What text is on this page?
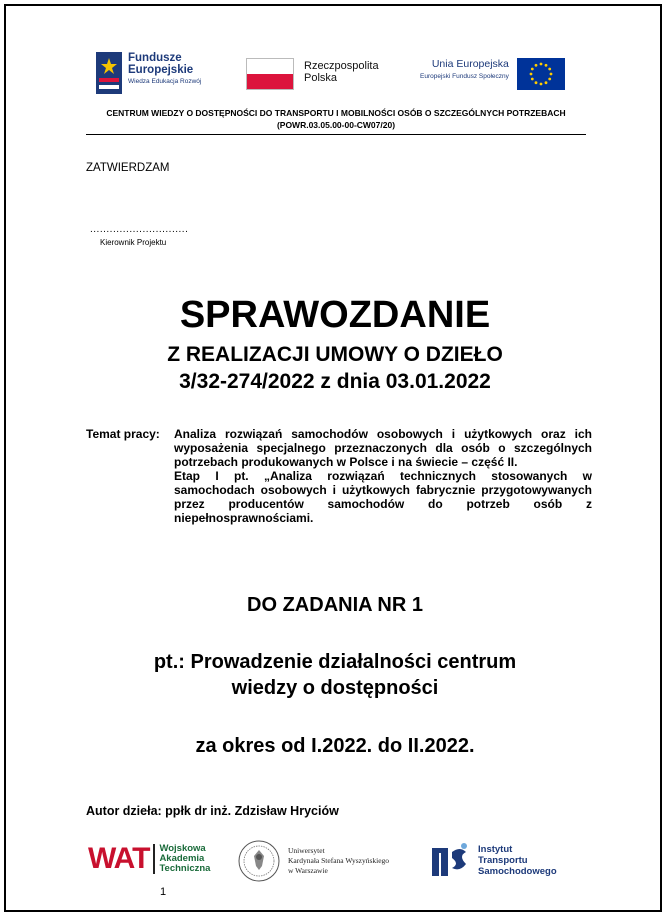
Fundusze
Europejskie
Wiedza Edukacja Rozwój
Rzeczpospolita
Polska
Unia Europejska
Europejski Fundusz Społeczny
CENTRUM WIEDZY O DOSTĘPNOŚCI DO TRANSPORTU I MOBILNOŚCI OSÓB O SZCZEGÓLNYCH POTRZEBACH
(POWR.03.05.00-00-CW07/20)
ZATWIERDZAM
..............................
Kierownik Projektu
SPRAWOZDANIE
Z REALIZACJI UMOWY O DZIEŁO
3/32-274/2022 z dnia 03.01.2022
Temat pracy:	Analiza rozwiązań samochodów osobowych i użytkowych oraz ich wyposażenia specjalnego przeznaczonych dla osób o szczególnych potrzebach produkowanych w Polsce i na świecie – część II.

Etap I pt. „Analiza rozwiązań technicznych stosowanych w samochodach osobowych i użytkowych fabrycznie przygotowywanych przez producentów samochodów do potrzeb osób z niepełnosprawnościami.

DO ZADANIA NR 1
pt.: Prowadzenie działalności centrum
wiedzy o dostępności
za okres od I.2022. do II.2022.
Autor dzieła: ppłk dr inż. Zdzisław Hryciów
WAT Wojskowa
Akademia
Techniczna
1
Uniwersytet
Kardynała Stefana Wyszyńskiego
w Warszawie
Instytut
Transportu
Samochodowego
